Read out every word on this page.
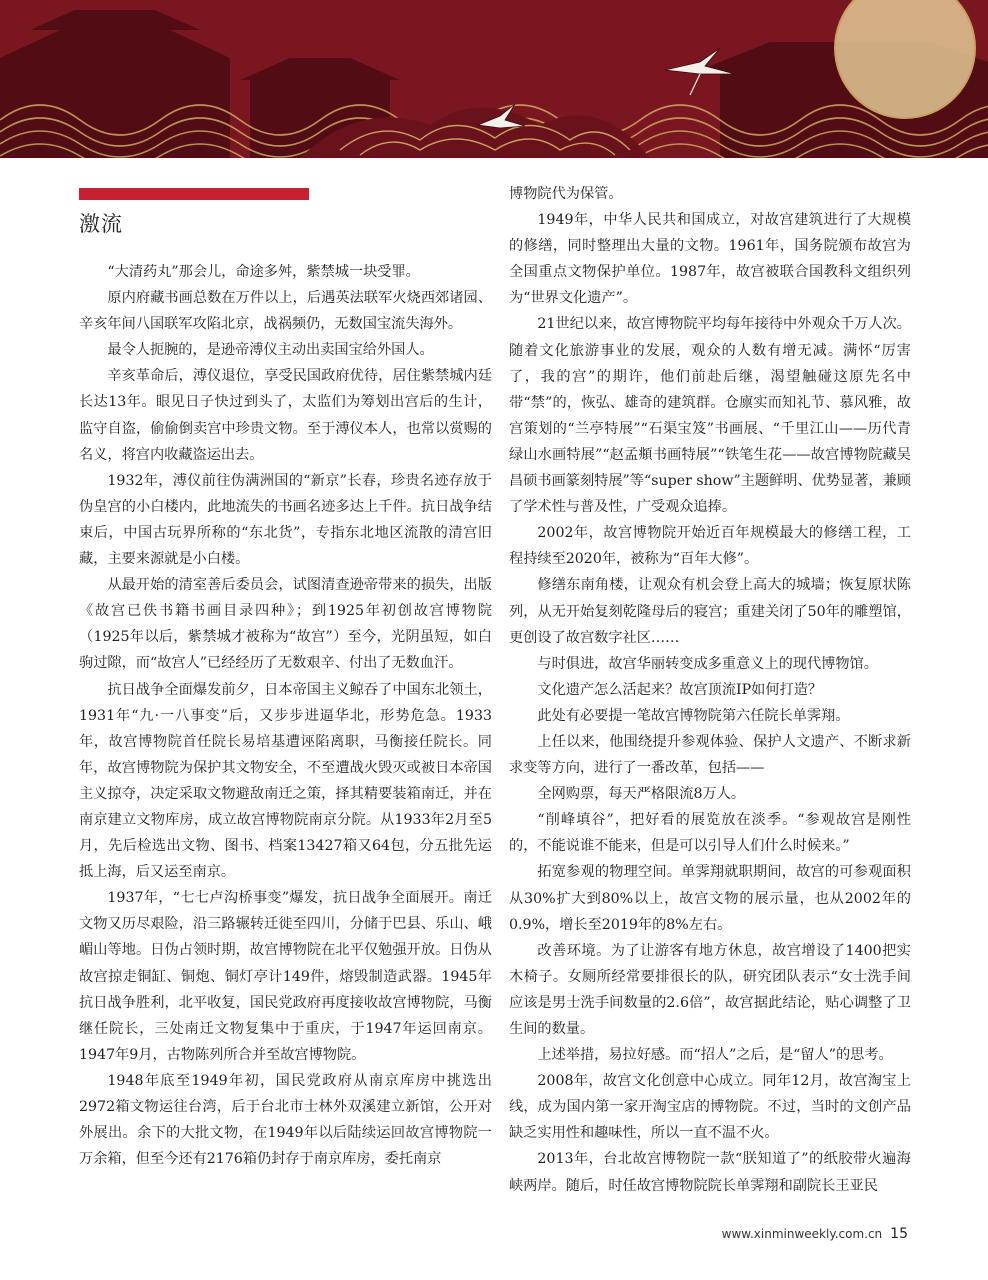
激流

“大清药丸”那会儿，命途多舛，紫禁城一块受罪。

原内府藏书画总数在万件以上，后遇英法联军火烧西郊诸园、辛亥年间八国联军攻陷北京，战祸频仍，无数国宝流失海外。

最令人扼腕的，是逊帝溥仪主动出卖国宝给外国人。

辛亥革命后，溥仪退位，享受民国政府优待，居住紫禁城内廷长达13年。眼见日子快过到头了，太监们为筹划出宫后的生计，监守自盗，偷偷倒卖宫中珍贵文物。至于溥仪本人，也常以赏赐的名义，将宫内收藏盗运出去。

1932年，溥仪前往伪满洲国的“新京”长春，珍贵名迹存放于伪皇宫的小白楼内，此地流失的书画名迹多达上千件。抗日战争结束后，中国古玩界所称的“东北货”，专指东北地区流散的清宫旧藏，主要来源就是小白楼。

从最开始的清室善后委员会，试图清查逊帝带来的损失，出版《故宫已佚书籍书画目录四种》；到1925年初创故宫博物院（1925年以后，紫禁城才被称为“故宫”）至今，光阴虽短，如白驹过隙，而“故宫人”已经经历了无数艰辛、付出了无数血汗。

抗日战争全面爆发前夕，日本帝国主义鲸吞了中国东北领土，1931年“九·一八事变”后，又步步进逼华北，形势危急。1933年，故宫博物院首任院长易培基遭诬陷离职，马衡接任院长。同年，故宫博物院为保护其文物安全，不至遭战火毁灭或被日本帝国主义掠夺，决定采取文物避敌南迁之策，择其精要装箱南迁，并在南京建立文物库房，成立故宫博物院南京分院。从1933年2月至5月，先后检选出文物、图书、档案13427箱又64包，分五批先运抵上海，后又运至南京。

1937年，“七七卢沟桥事变”爆发，抗日战争全面展开。南迁文物又历尽艰险，沿三路辗转迁徙至四川，分储于巴县、乐山、峨嵋山等地。日伪占领时期，故宫博物院在北平仅勉强开放。日伪从故宫掠走铜缸、铜炮、铜灯亭计149件，熔毁制造武器。1945年抗日战争胜利，北平收复，国民党政府再度接收故宫博物院，马衡继任院长，三处南迁文物复集中于重庆，于1947年运回南京。1947年9月，古物陈列所合并至故宫博物院。

1948年底至1949年初，国民党政府从南京库房中挑选出2972箱文物运往台湾，后于台北市士林外双溪建立新馆，公开对外展出。余下的大批文物，在1949年以后陆续运回故宫博物院一万余箱，但至今还有2176箱仍封存于南京库房，委托南京

博物院代为保管。

1949年，中华人民共和国成立，对故宫建筑进行了大规模的修缮，同时整理出大量的文物。1961年，国务院颁布故宫为全国重点文物保护单位。1987年，故宫被联合国教科文组织列为“世界文化遗产”。

21世纪以来，故宫博物院平均每年接待中外观众千万人次。随着文化旅游事业的发展，观众的人数有增无减。满怀“厉害了，我的宫”的期许，他们前赴后继，渴望触碰这原先名中带“禁”的，恢弘、雄奇的建筑群。仓廪实而知礼节、慕风雅，故宫策划的“兰亭特展”“石渠宝笈”书画展、“千里江山——历代青绿山水画特展”“赵孟頫书画特展”“铁笔生花——故宫博物院藏吴昌硕书画篆刻特展”等“super show”主题鲜明、优势显著，兼顾了学术性与普及性，广受观众追捧。

2002年，故宫博物院开始近百年规模最大的修缮工程，工程持续至2020年，被称为“百年大修”。

修缮东南角楼，让观众有机会登上高大的城墙；恢复原状陈列，从无开始复刻乾隆母后的寝宫；重建关闭了50年的雕塑馆，更创设了故宫数字社区……

与时俱进，故宫华丽转变成多重意义上的现代博物馆。

文化遗产怎么活起来？故宫顶流IP如何打造？

此处有必要提一笔故宫博物院第六任院长单霁翔。

上任以来，他围绕提升参观体验、保护人文遗产、不断求新求变等方向，进行了一番改革，包括——

全网购票，每天严格限流8万人。

“削峰填谷”，把好看的展览放在淡季。“参观故宫是刚性的，不能说谁不能来，但是可以引导人们什么时候来。”

拓宽参观的物理空间。单霁翔就职期间，故宫的可参观面积从30%扩大到80%以上，故宫文物的展示量，也从2002年的0.9%，增长至2019年的8%左右。

改善环境。为了让游客有地方休息，故宫增设了1400把实木椅子。女厕所经常要排很长的队，研究团队表示“女士洗手间应该是男士洗手间数量的2.6倍”，故宫据此结论，贴心调整了卫生间的数量。

上述举措，易拉好感。而“招人”之后，是“留人”的思考。

2008年，故宫文化创意中心成立。同年12月，故宫淘宝上线，成为国内第一家开淘宝店的博物院。不过，当时的文创产品缺乏实用性和趣味性，所以一直不温不火。

2013年，台北故宫博物院一款“朕知道了”的纸胶带火遍海峡两岸。随后，时任故宫博物院院长单霁翔和副院长王亚民

www.xinminweekly.com.cn 15
